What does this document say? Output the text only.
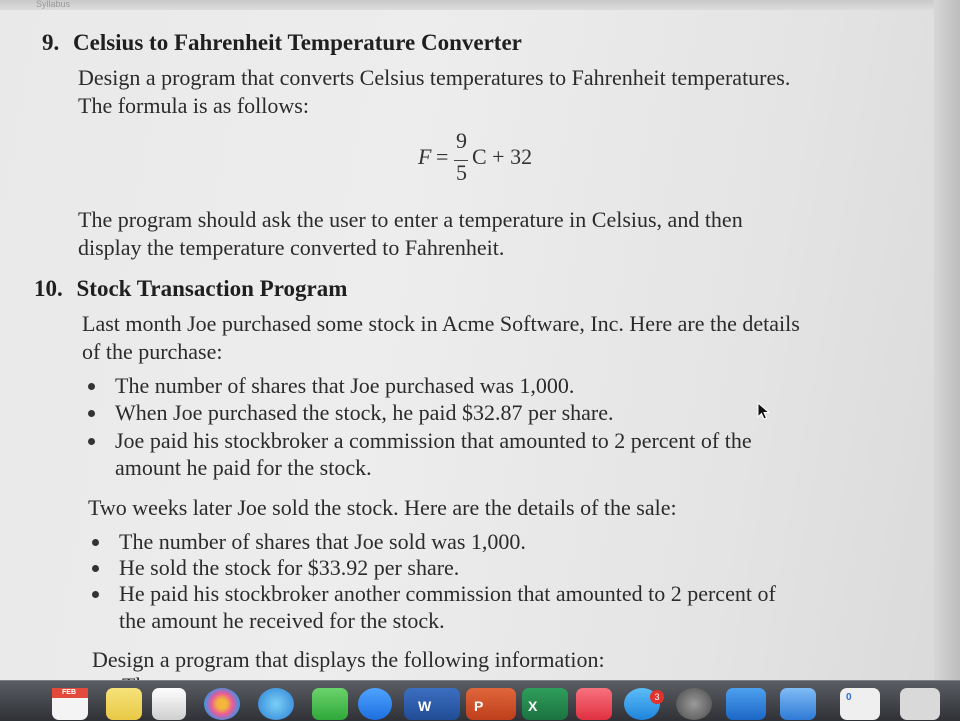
Syllabus
9. Celsius to Fahrenheit Temperature Converter
Design a program that converts Celsius temperatures to Fahrenheit temperatures.
The formula is as follows:
F =
9
5
C + 32
The program should ask the user to enter a temperature in Celsius, and then
display the temperature converted to Fahrenheit.
10. Stock Transaction Program
Last month Joe purchased some stock in Acme Software, Inc. Here are the details
of the purchase:
The number of shares that Joe purchased was 1,000.
When Joe purchased the stock, he paid $32.87 per share.
Joe paid his stockbroker a commission that amounted to 2 percent of the
amount he paid for the stock.
Two weeks later Joe sold the stock. Here are the details of the sale:
The number of shares that Joe sold was 1,000.
He sold the stock for $33.92 per share.
He paid his stockbroker another commission that amounted to 2 percent of
the amount he received for the stock.
Design a program that displays the following information:
FEB
W	P	X
3	0
